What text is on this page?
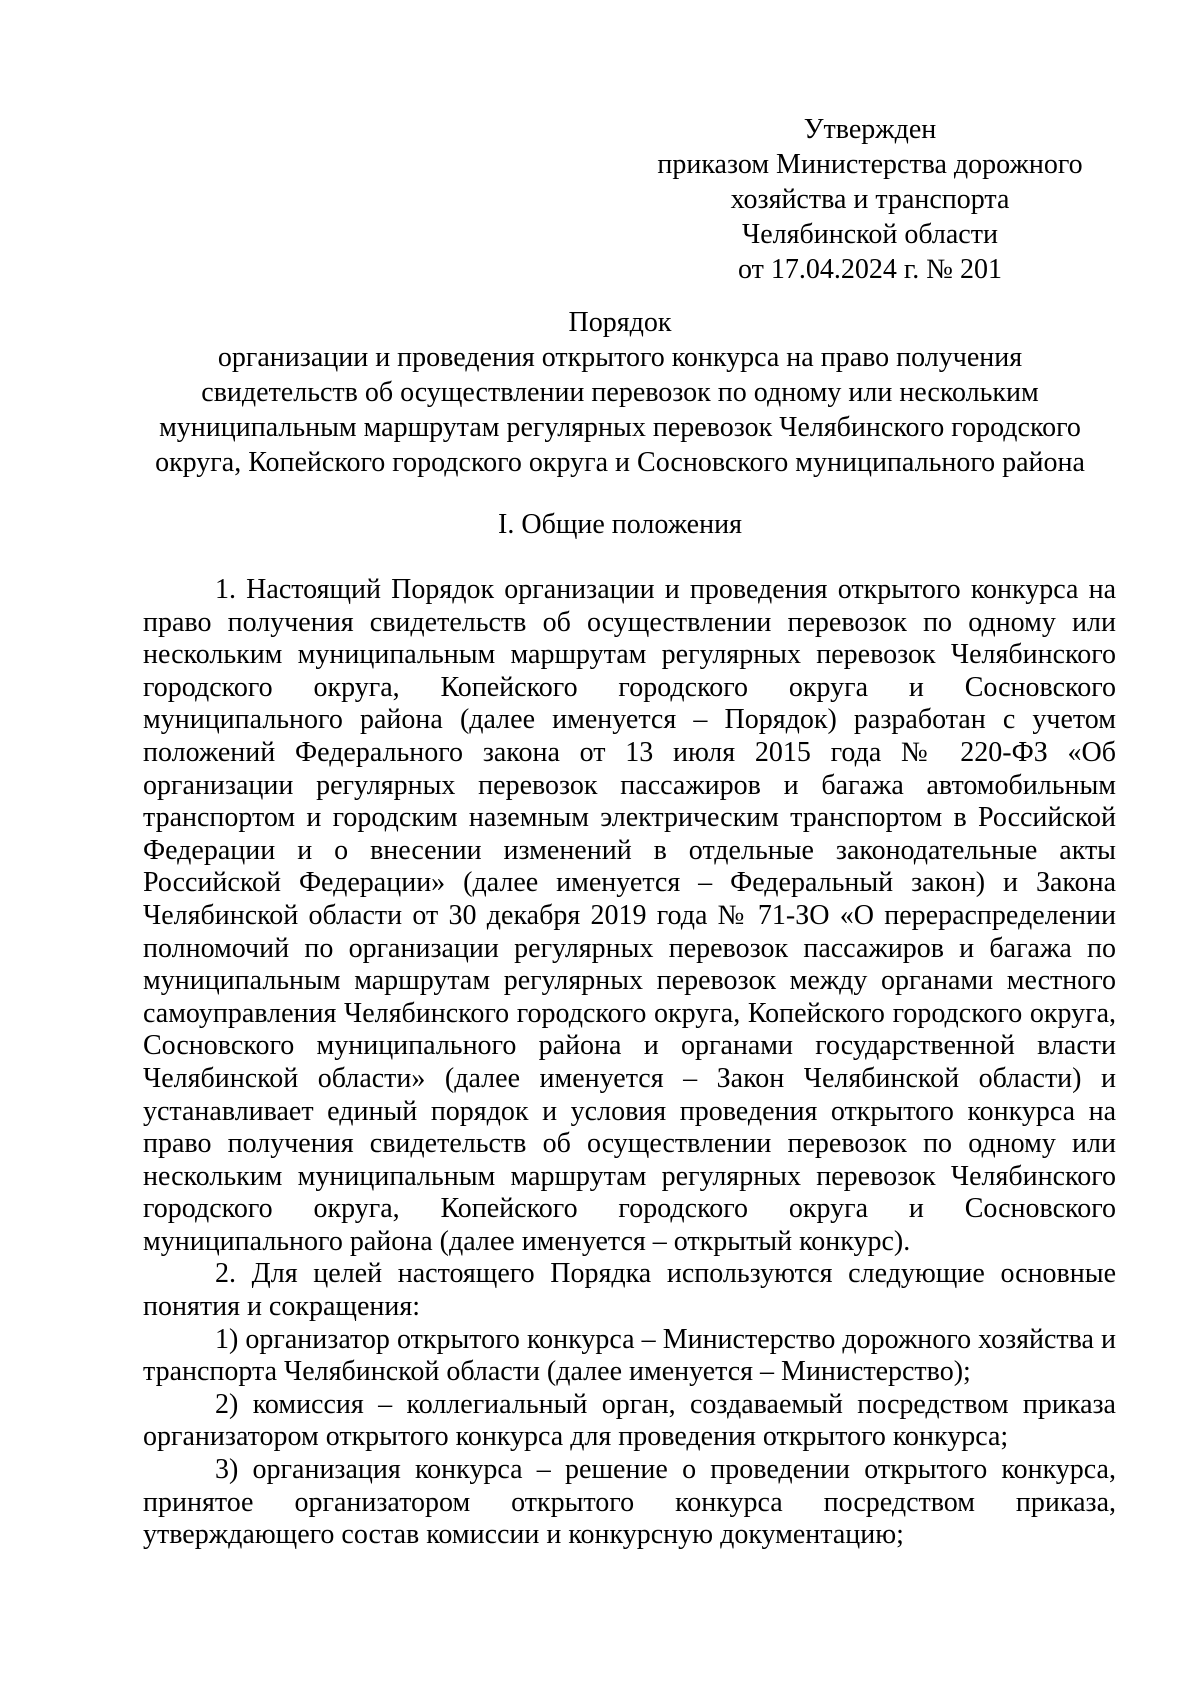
Утвержден
приказом Министерства дорожного
хозяйства и транспорта
Челябинской области
от 17.04.2024 г. № 201
Порядок
организации и проведения открытого конкурса на право получения
свидетельств об осуществлении перевозок по одному или нескольким
муниципальным маршрутам регулярных перевозок Челябинского городского
округа, Копейского городского округа и Сосновского муниципального района
I. Общие положения

1. Настоящий Порядок организации и проведения открытого конкурса на право получения свидетельств об осуществлении перевозок по одному или нескольким муниципальным маршрутам регулярных перевозок Челябинского городского округа, Копейского городского округа и Сосновского муниципального района (далее именуется – Порядок) разработан с учетом положений Федерального закона от 13 июля 2015 года № 220-ФЗ «Об организации регулярных перевозок пассажиров и багажа автомобильным транспортом и городским наземным электрическим транспортом в Российской Федерации и о внесении изменений в отдельные законодательные акты Российской Федерации» (далее именуется – Федеральный закон) и Закона Челябинской области от 30 декабря 2019 года № 71-ЗО «О перераспределении полномочий по организации регулярных перевозок пассажиров и багажа по муниципальным маршрутам регулярных перевозок между органами местного самоуправления Челябинского городского округа, Копейского городского округа, Сосновского муниципального района и органами государственной власти Челябинской области» (далее именуется – Закон Челябинской области) и устанавливает единый порядок и условия проведения открытого конкурса на право получения свидетельств об осуществлении перевозок по одному или нескольким муниципальным маршрутам регулярных перевозок Челябинского городского округа, Копейского городского округа и Сосновского муниципального района (далее именуется – открытый конкурс).

2. Для целей настоящего Порядка используются следующие основные понятия и сокращения:

1) организатор открытого конкурса – Министерство дорожного хозяйства и транспорта Челябинской области (далее именуется – Министерство);

2) комиссия – коллегиальный орган, создаваемый посредством приказа организатором открытого конкурса для проведения открытого конкурса;

3) организация конкурса – решение о проведении открытого конкурса, принятое организатором открытого конкурса посредством приказа, утверждающего состав комиссии и конкурсную документацию;
